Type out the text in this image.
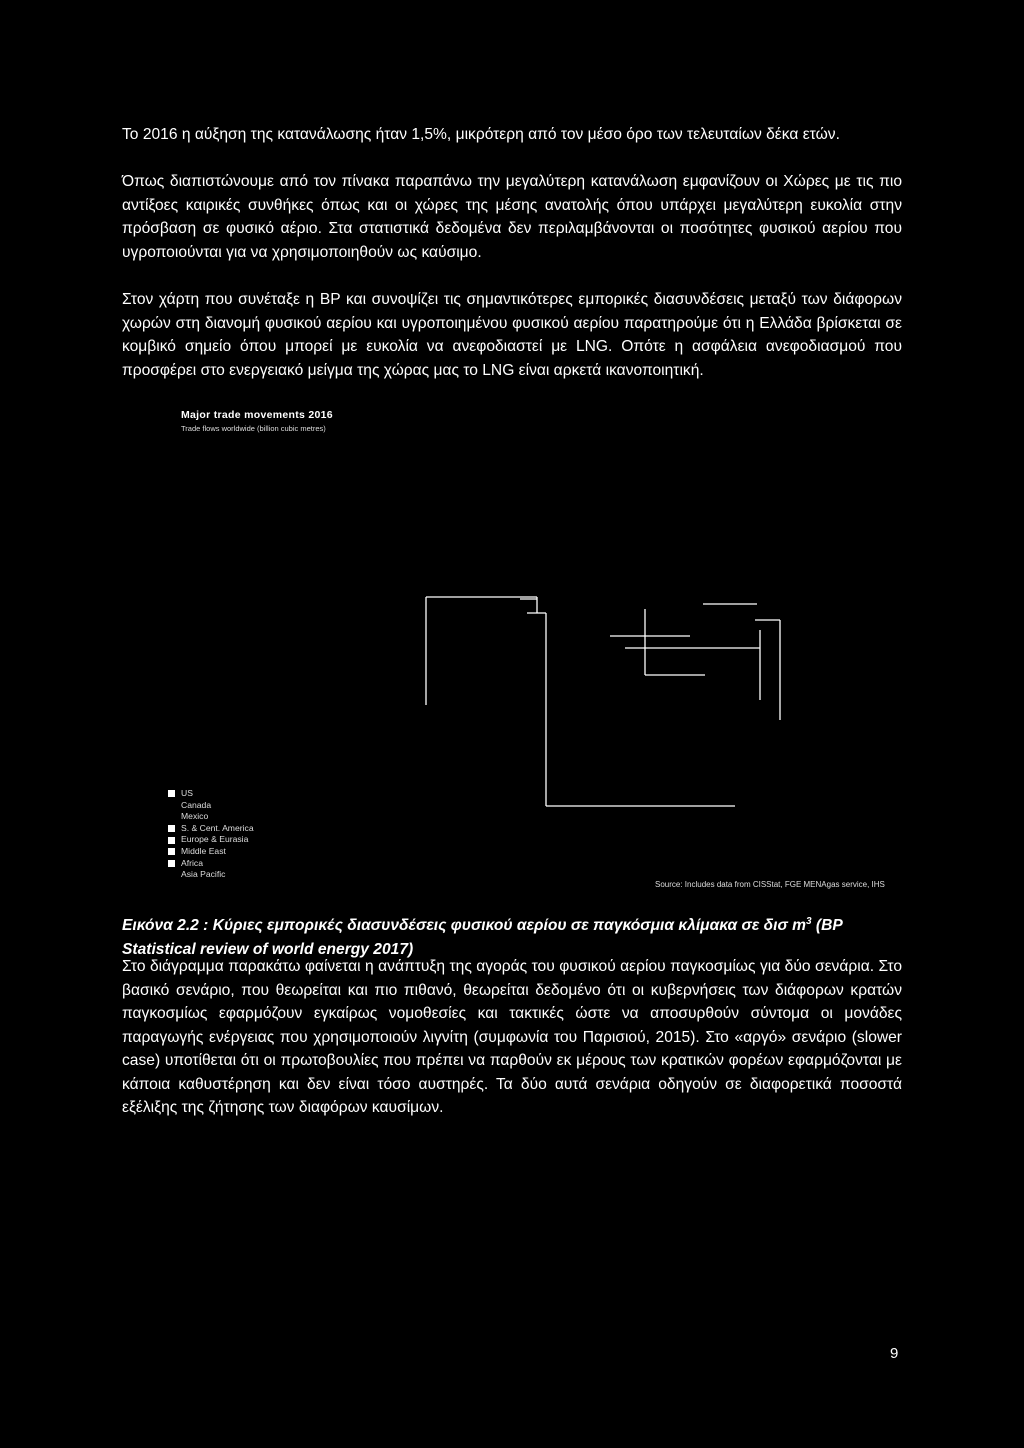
Το 2016 η αύξηση της κατανάλωσης ήταν 1,5%, μικρότερη από τον μέσο όρο των τελευταίων δέκα ετών.

Όπως διαπιστώνουμε από τον πίνακα παραπάνω την μεγαλύτερη κατανάλωση εμφανίζουν οι Χώρες με τις πιο αντίξοες καιρικές συνθήκες όπως και οι χώρες της μέσης ανατολής όπου υπάρχει μεγαλύτερη ευκολία στην πρόσβαση σε φυσικό αέριο. Στα στατιστικά δεδομένα δεν περιλαμβάνονται οι ποσότητες φυσικού αερίου που υγροποιούνται για να χρησιμοποιηθούν ως καύσιμο.

Στον χάρτη που συνέταξε η BP και συνοψίζει τις σημαντικότερες εμπορικές διασυνδέσεις μεταξύ των διάφορων χωρών στη διανομή φυσικού αερίου και υγροποιημένου φυσικού αερίου παρατηρούμε ότι η Ελλάδα βρίσκεται σε κομβικό σημείο όπου μπορεί με ευκολία να ανεφοδιαστεί με LNG. Οπότε η ασφάλεια ανεφοδιασμού που προσφέρει στο ενεργειακό μείγμα της χώρας μας το LNG είναι αρκετά ικανοποιητική.

Major trade movements 2016
Trade flows worldwide (billion cubic metres)
US
Canada
Mexico
S. & Cent. America
Europe & Eurasia
Middle East
Africa
Asia Pacific
Source: Includes data from CISStat, FGE MENAgas service, IHS
Εικόνα 2.2 : Κύριες εμπορικές διασυνδέσεις φυσικού αερίου σε παγκόσμια κλίμακα σε δισ $m^3$ (BP
Statistical review of world energy 2017)

Στο διάγραμμα παρακάτω φαίνεται η ανάπτυξη της αγοράς του φυσικού αερίου παγκοσμίως για δύο σενάρια. Στο βασικό σενάριο, που θεωρείται και πιο πιθανό, θεωρείται δεδομένο ότι οι κυβερνήσεις των διάφορων κρατών παγκοσμίως εφαρμόζουν εγκαίρως νομοθεσίες και τακτικές ώστε να αποσυρθούν σύντομα οι μονάδες παραγωγής ενέργειας που χρησιμοποιούν λιγνίτη (συμφωνία του Παρισιού, 2015). Στο «αργό» σενάριο (slower case) υποτίθεται ότι οι πρωτοβουλίες που πρέπει να παρθούν εκ μέρους των κρατικών φορέων εφαρμόζονται με κάποια καθυστέρηση και δεν είναι τόσο αυστηρές. Τα δύο αυτά σενάρια οδηγούν σε διαφορετικά ποσοστά εξέλιξης της ζήτησης των διαφόρων καυσίμων.

9
